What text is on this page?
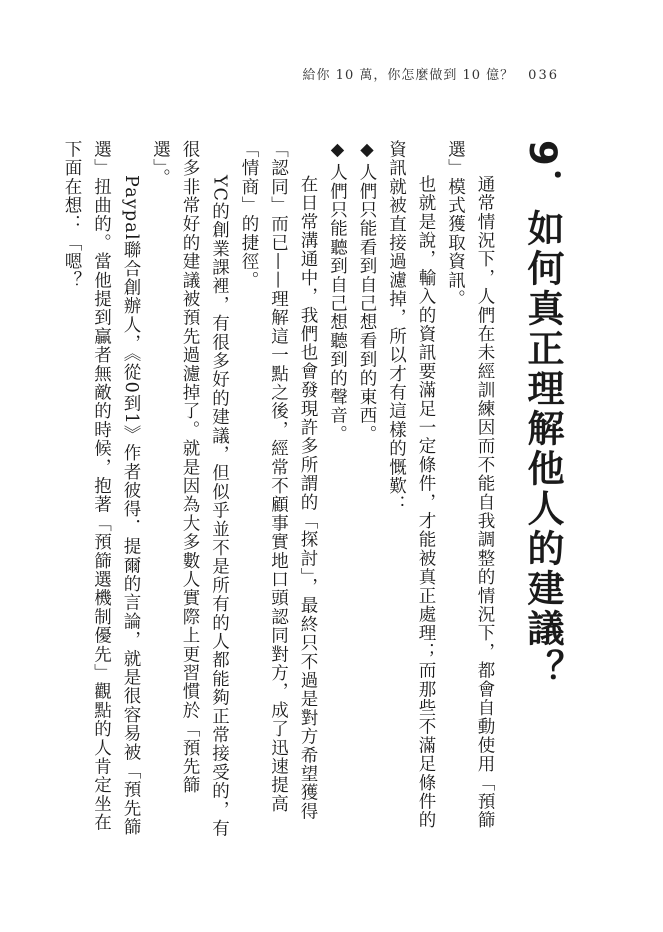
給你 10 萬，你怎麼做到 10 億？ 036
9．如何真正理解他人的建議？

通常情況下，人們在未經訓練因而不能自我調整的情況下，都會自動使用「預篩選」模式獲取資訊。

也就是說，輸入的資訊要滿足一定條件，才能被真正處理；而那些不滿足條件的資訊就被直接過濾掉，所以才有這樣的慨歎：

◆人們只能看到自己想看到的東西。

◆人們只能聽到自己想聽到的聲音。

在日常溝通中，我們也會發現許多所謂的「探討」，最終只不過是對方希望獲得「認同」而已——理解這一點之後，經常不顧事實地口頭認同對方，成了迅速提高「情商」的捷徑。

YC的創業課裡，有很多好的建議，但似乎並不是所有的人都能夠正常接受的，有很多非常好的建議被預先過濾掉了。就是因為大多數人實際上更習慣於「預先篩選」。

Paypal聯合創辦人，《從0到1》作者彼得．提爾的言論，就是很容易被「預先篩選」扭曲的。當他提到贏者無敵的時候，抱著「預篩選機制優先」觀點的人肯定坐在下面在想：「嗯？
